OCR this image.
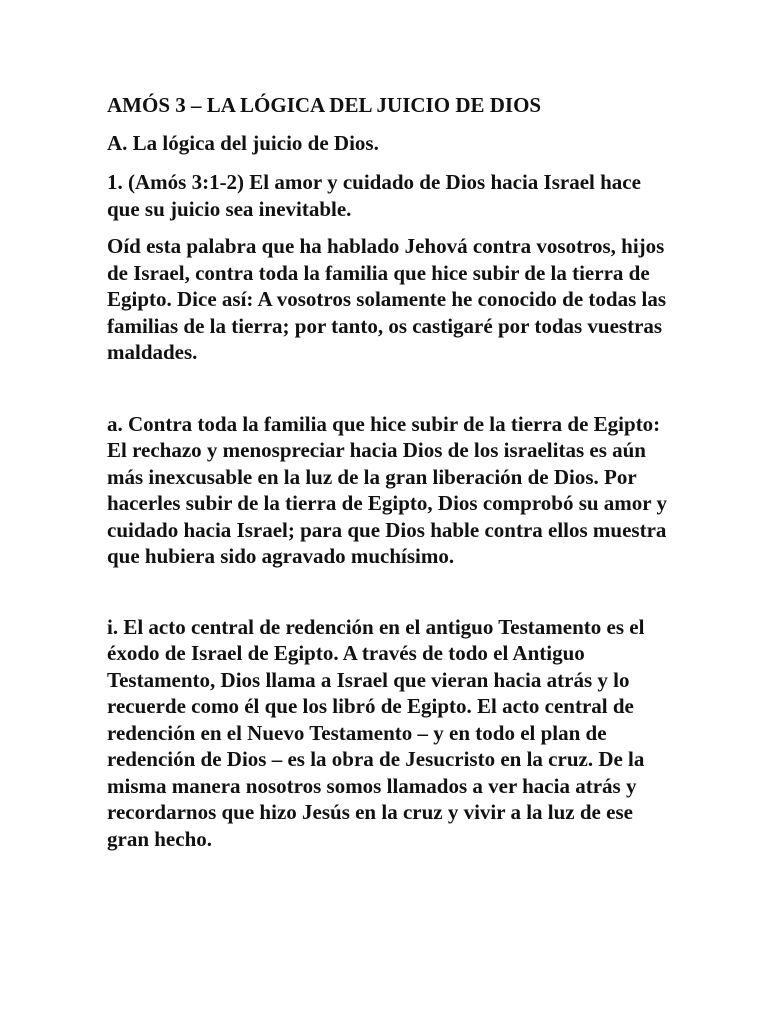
AMÓS 3 – LA LÓGICA DEL JUICIO DE DIOS

A. La lógica del juicio de Dios.

1. (Amós 3:1-2) El amor y cuidado de Dios hacia Israel hace que su juicio sea inevitable.

Oíd esta palabra que ha hablado Jehová contra vosotros, hijos de Israel, contra toda la familia que hice subir de la tierra de Egipto. Dice así: A vosotros solamente he conocido de todas las familias de la tierra; por tanto, os castigaré por todas vuestras maldades.

a. Contra toda la familia que hice subir de la tierra de Egipto: El rechazo y menospreciar hacia Dios de los israelitas es aún más inexcusable en la luz de la gran liberación de Dios. Por hacerles subir de la tierra de Egipto, Dios comprobó su amor y cuidado hacia Israel; para que Dios hable contra ellos muestra que hubiera sido agravado muchísimo.

i. El acto central de redención en el antiguo Testamento es el éxodo de Israel de Egipto. A través de todo el Antiguo Testamento, Dios llama a Israel que vieran hacia atrás y lo recuerde como él que los libró de Egipto. El acto central de redención en el Nuevo Testamento – y en todo el plan de redención de Dios – es la obra de Jesucristo en la cruz. De la misma manera nosotros somos llamados a ver hacia atrás y recordarnos que hizo Jesús en la cruz y vivir a la luz de ese gran hecho.
